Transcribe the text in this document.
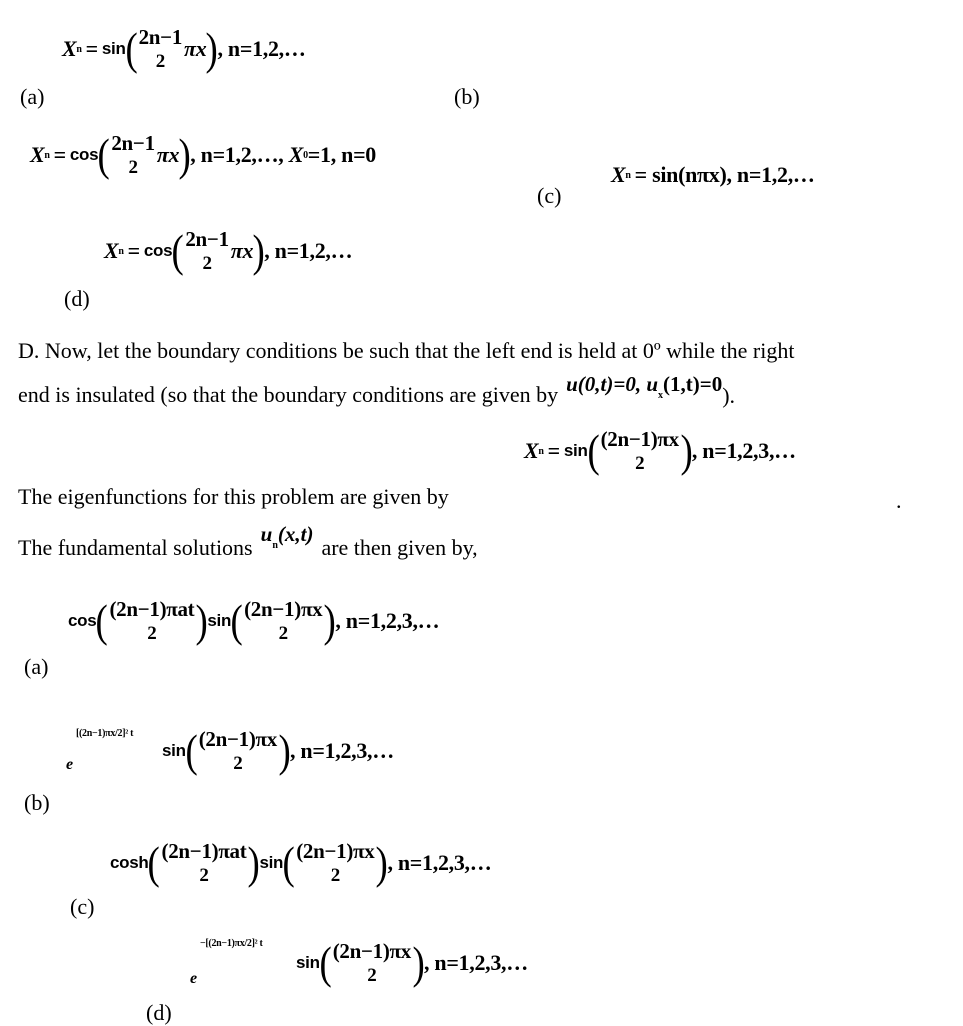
X n = sin ( 2n−1
2
πx ) , n=1,2,…
(a)	(b)
X n = cos ( 2n−1
2
πx ) , n=1,2,…,
X 0 =1, n=0
(c)
X n = sin(nπx), n=1,2,…
X n = cos ( 2n−1
2
πx ) , n=1,2,…
(d)
D. Now, let the boundary conditions be such that the left end is held at 0º while the right
end is insulated (so that the boundary conditions are given by u(0,t)=0, $u_x(1,t)=0$ ).
X n = sin ( (2n−1)πx
2 ) , n=1,2,3,…
The eigenfunctions for this problem are given by	.
The fundamental solutions
$u_n(x,t)$
are then given by,
cos ( (2n−1)πat
2 ) sin ( (2n−1)πx
2 ) , n=1,2,3,…
(a)
e
[(2n−1)πx/2]² t
sin ( (2n−1)πx
2 ) , n=1,2,3,…
(b)
cosh ( (2n−1)πat
2 ) sin ( (2n−1)πx
2 ) , n=1,2,3,…
(c)
e
−[(2n−1)πx/2]² t
sin ( (2n−1)πx
2 ) , n=1,2,3,…
(d)
